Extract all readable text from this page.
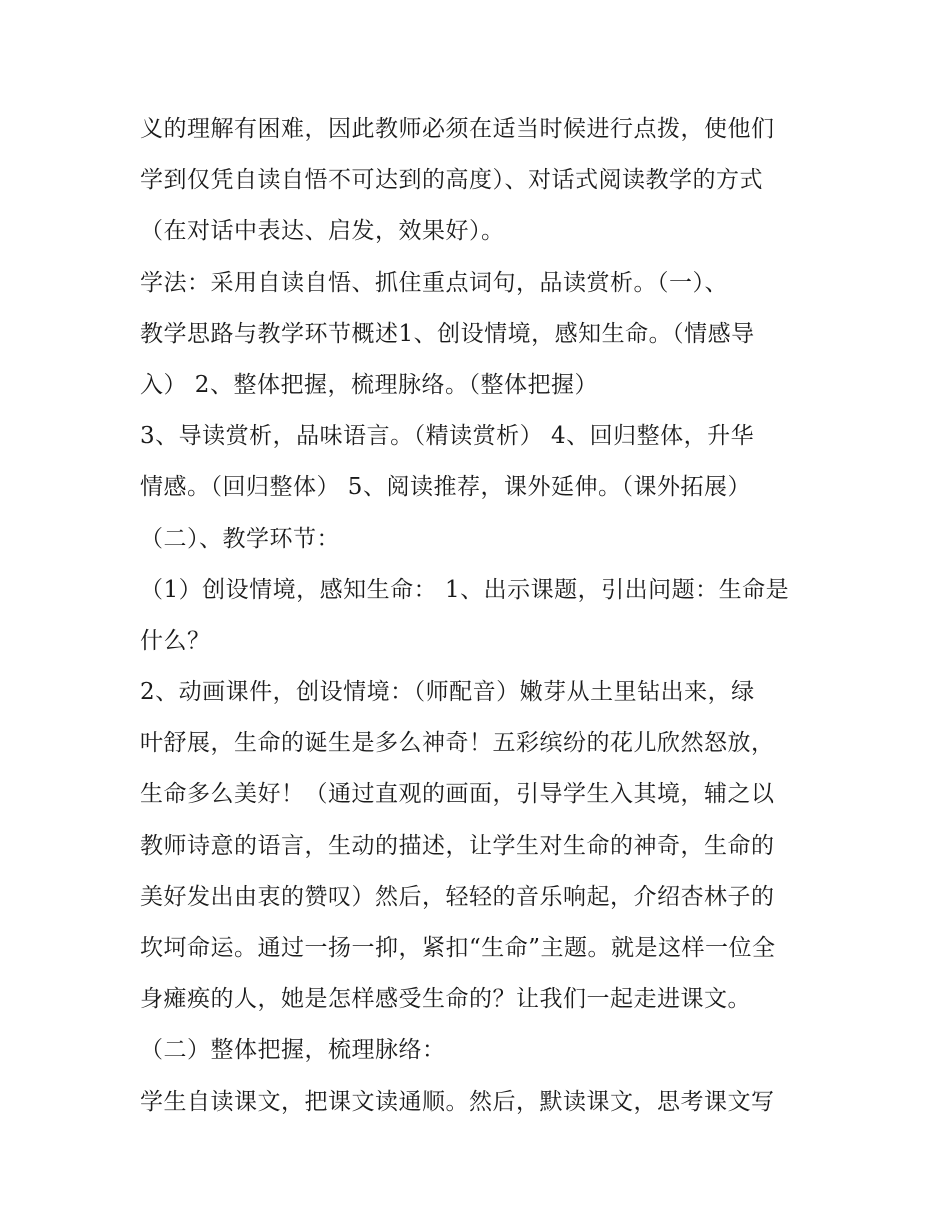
义的理解有困难，因此教师必须在适当时候进行点拨，使他们
学到仅凭自读自悟不可达到的高度）、对话式阅读教学的方式
（在对话中表达、启发，效果好）。
学法：采用自读自悟、抓住重点词句，品读赏析。（一）、
教学思路与教学环节概述1、创设情境，感知生命。（情感导
入） 2、整体把握，梳理脉络。（整体把握）
3、导读赏析，品味语言。（精读赏析） 4、回归整体，升华
情感。（回归整体） 5、阅读推荐，课外延伸。（课外拓展）
（二）、教学环节：
（1）创设情境，感知生命： 1、出示课题，引出问题：生命是
什么？
2、动画课件，创设情境：（师配音）嫩芽从土里钻出来，绿
叶舒展，生命的诞生是多么神奇！五彩缤纷的花儿欣然怒放，
生命多么美好！（通过直观的画面，引导学生入其境，辅之以
教师诗意的语言，生动的描述，让学生对生命的神奇，生命的
美好发出由衷的赞叹）然后，轻轻的音乐响起，介绍杏林子的
坎坷命运。通过一扬一抑，紧扣“生命”主题。就是这样一位全
身瘫痪的人，她是怎样感受生命的？让我们一起走进课文。
（二）整体把握，梳理脉络：
学生自读课文，把课文读通顺。然后，默读课文，思考课文写
